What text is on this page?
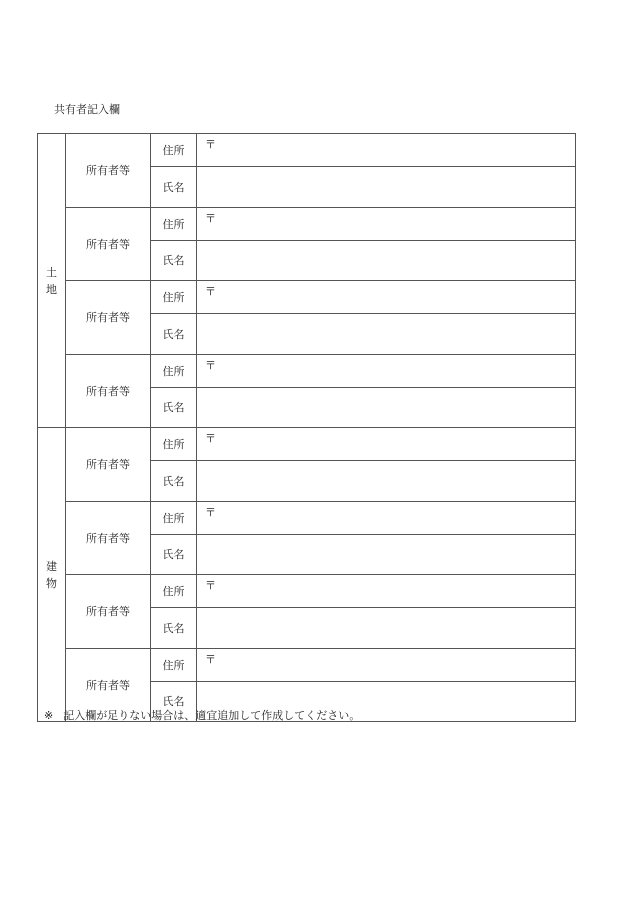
共有者記入欄
土
地	所有者等	住所	〒
		氏名	
	所有者等	住所	〒
		氏名	
	所有者等	住所	〒
		氏名	
	所有者等	住所	〒
		氏名	
建
物	所有者等	住所	〒
		氏名	
	所有者等	住所	〒
		氏名	
	所有者等	住所	〒
		氏名	
	所有者等	住所	〒
		氏名	
※ 記入欄が足りない場合は、適宜追加して作成してください。
